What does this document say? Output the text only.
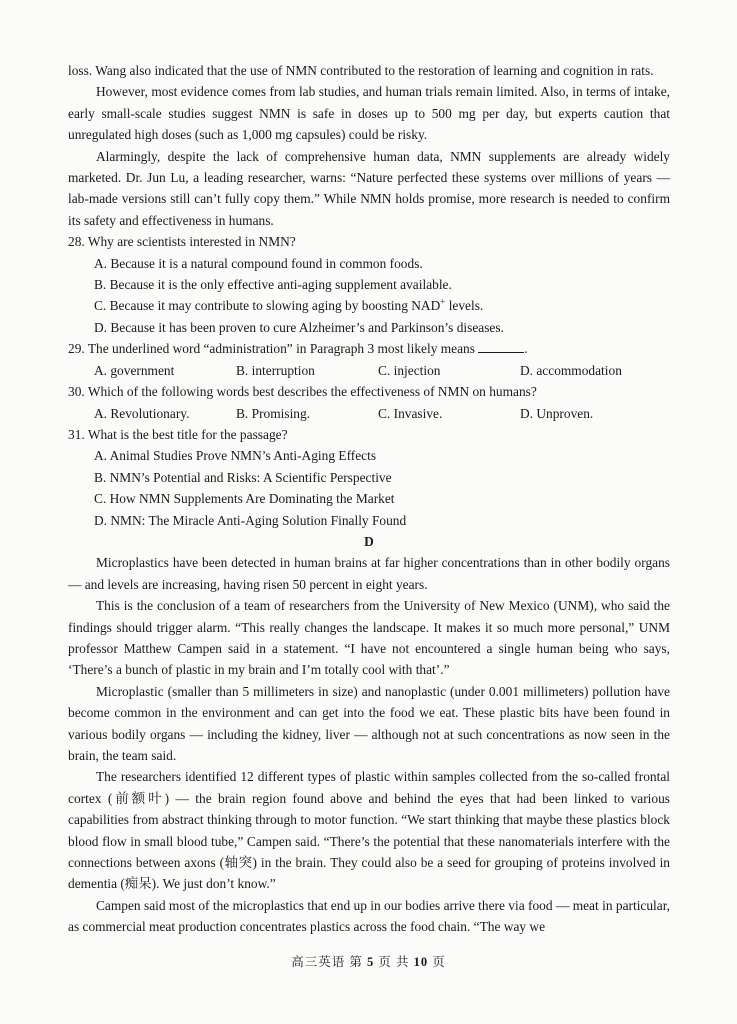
loss. Wang also indicated that the use of NMN contributed to the restoration of learning and cognition in rats.

However, most evidence comes from lab studies, and human trials remain limited. Also, in terms of intake, early small-scale studies suggest NMN is safe in doses up to 500 mg per day, but experts caution that unregulated high doses (such as 1,000 mg capsules) could be risky.

Alarmingly, despite the lack of comprehensive human data, NMN supplements are already widely marketed. Dr. Jun Lu, a leading researcher, warns: “Nature perfected these systems over millions of years — lab-made versions still can’t fully copy them.” While NMN holds promise, more research is needed to confirm its safety and effectiveness in humans.

28. Why are scientists interested in NMN?
A. Because it is a natural compound found in common foods.
B. Because it is the only effective anti-aging supplement available.
C. Because it may contribute to slowing aging by boosting NAD+ levels.
D. Because it has been proven to cure Alzheimer’s and Parkinson’s diseases.
29. The underlined word “administration” in Paragraph 3 most likely means	.
A. government	B. interruption	C. injection	D. accommodation
30. Which of the following words best describes the effectiveness of NMN on humans?
A. Revolutionary.	B. Promising.	C. Invasive.	D. Unproven.
31. What is the best title for the passage?
A. Animal Studies Prove NMN’s Anti-Aging Effects
B. NMN’s Potential and Risks: A Scientific Perspective
C. How NMN Supplements Are Dominating the Market
D. NMN: The Miracle Anti-Aging Solution Finally Found
D

Microplastics have been detected in human brains at far higher concentrations than in other bodily organs — and levels are increasing, having risen 50 percent in eight years.

This is the conclusion of a team of researchers from the University of New Mexico (UNM), who said the findings should trigger alarm. “This really changes the landscape. It makes it so much more personal,” UNM professor Matthew Campen said in a statement. “I have not encountered a single human being who says, ‘There’s a bunch of plastic in my brain and I’m totally cool with that’.”

Microplastic (smaller than 5 millimeters in size) and nanoplastic (under 0.001 millimeters) pollution have become common in the environment and can get into the food we eat. These plastic bits have been found in various bodily organs — including the kidney, liver — although not at such concentrations as now seen in the brain, the team said.

The researchers identified 12 different types of plastic within samples collected from the so-called frontal cortex (前额叶) — the brain region found above and behind the eyes that had been linked to various capabilities from abstract thinking through to motor function. “We start thinking that maybe these plastics block blood flow in small blood tube,” Campen said. “There’s the potential that these nanomaterials interfere with the connections between axons (轴突) in the brain. They could also be a seed for grouping of proteins involved in dementia (痴呆). We just don’t know.”

Campen said most of the microplastics that end up in our bodies arrive there via food — meat in particular, as commercial meat production concentrates plastics across the food chain. “The way we

高三英语 第 5 页 共 10 页
